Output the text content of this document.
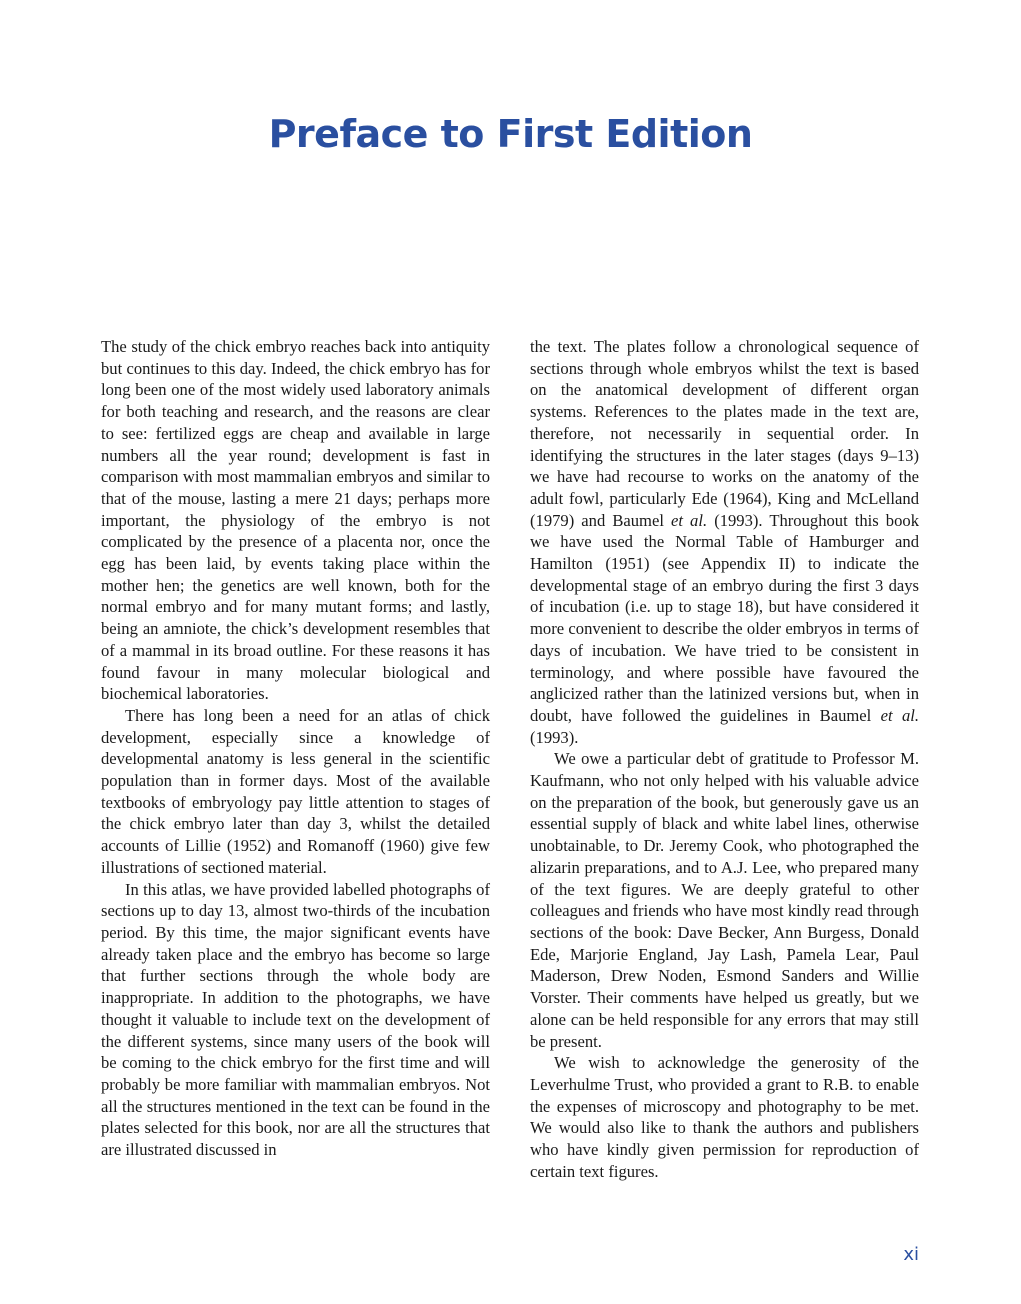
Preface to First Edition

The study of the chick embryo reaches back into antiquity but continues to this day. Indeed, the chick embryo has for long been one of the most widely used laboratory animals for both teaching and research, and the reasons are clear to see: fertilized eggs are cheap and available in large numbers all the year round; development is fast in comparison with most mammalian embryos and similar to that of the mouse, lasting a mere 21 days; perhaps more important, the physiology of the embryo is not complicated by the presence of a placenta nor, once the egg has been laid, by events taking place within the mother hen; the genetics are well known, both for the normal embryo and for many mutant forms; and lastly, being an amniote, the chick’s development resembles that of a mammal in its broad outline. For these reasons it has found favour in many molecular biological and biochemical laboratories.

There has long been a need for an atlas of chick development, especially since a knowledge of developmental anatomy is less general in the scientific population than in former days. Most of the available textbooks of embryology pay little attention to stages of the chick embryo later than day 3, whilst the detailed accounts of Lillie (1952) and Romanoff (1960) give few illustrations of sectioned material.

In this atlas, we have provided labelled photographs of sections up to day 13, almost two-thirds of the incubation period. By this time, the major significant events have already taken place and the embryo has become so large that further sections through the whole body are inappropriate. In addition to the photographs, we have thought it valuable to include text on the development of the different systems, since many users of the book will be coming to the chick embryo for the first time and will probably be more familiar with mammalian embryos. Not all the structures mentioned in the text can be found in the plates selected for this book, nor are all the structures that are illustrated discussed in

the text. The plates follow a chronological sequence of sections through whole embryos whilst the text is based on the anatomical development of different organ systems. References to the plates made in the text are, therefore, not necessarily in sequential order. In identifying the structures in the later stages (days 9–13) we have had recourse to works on the anatomy of the adult fowl, particularly Ede (1964), King and McLelland (1979) and Baumel et al. (1993). Throughout this book we have used the Normal Table of Hamburger and Hamilton (1951) (see Appendix II) to indicate the developmental stage of an embryo during the first 3 days of incubation (i.e. up to stage 18), but have considered it more convenient to describe the older embryos in terms of days of incubation. We have tried to be consistent in terminology, and where possible have favoured the anglicized rather than the latinized versions but, when in doubt, have followed the guidelines in Baumel et al. (1993).

We owe a particular debt of gratitude to Professor M. Kaufmann, who not only helped with his valuable advice on the preparation of the book, but generously gave us an essential supply of black and white label lines, otherwise unobtainable, to Dr. Jeremy Cook, who photographed the alizarin preparations, and to A.J. Lee, who prepared many of the text figures. We are deeply grateful to other colleagues and friends who have most kindly read through sections of the book: Dave Becker, Ann Burgess, Donald Ede, Marjorie England, Jay Lash, Pamela Lear, Paul Maderson, Drew Noden, Esmond Sanders and Willie Vorster. Their comments have helped us greatly, but we alone can be held responsible for any errors that may still be present.

We wish to acknowledge the generosity of the Leverhulme Trust, who provided a grant to R.B. to enable the expenses of microscopy and photography to be met. We would also like to thank the authors and publishers who have kindly given permission for reproduction of certain text figures.

xi
